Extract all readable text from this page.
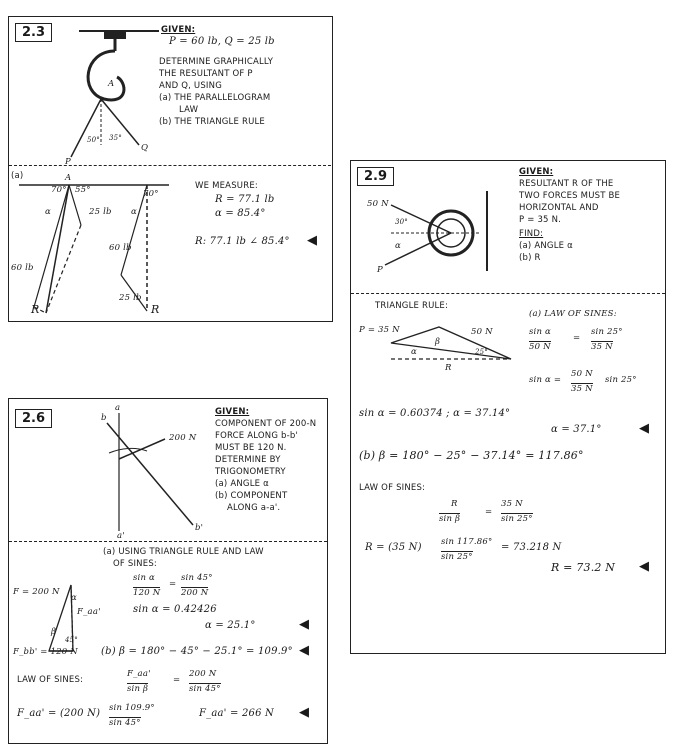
2.3	GIVEN:
P = 60 lb, Q = 25 lb
DETERMINE GRAPHICALLY
THE RESULTANT OF P
AND Q, USING
(a) THE PARALLELOGRAM
LAW
(b) THE TRIANGLE RULE
A
50° 35°
P
Q
(a)	A
70° 55°
α	25 lb
60 lb
R
70°
α
60 lb
25 lb
R
WE MEASURE:
R = 77.1 lb
α = 85.4°
R: 77.1 lb ∠ 85.4° ◀
2.6	b
a
200 N
b'
a'
GIVEN:
COMPONENT OF 200-N
FORCE ALONG b-b'
MUST BE 120 N.
DETERMINE BY
TRIGONOMETRY
(a) ANGLE α
(b) COMPONENT
ALONG a-a'.
(a) USING TRIANGLE RULE AND LAW
OF SINES:
sin α
120 N
=
sin 45°
200 N
sin α = 0.42426
α = 25.1°	◀
F = 200 N
α
F_aa'
β
45°
F_bb' = 120 N (b) β = 180° − 45° − 25.1° = 109.9° ◀
LAW OF SINES:
F_aa'
sin β
=
200 N
sin 45°
F_aa' = (200 N) sin 109.9°
sin 45°
F_aa' = 266 N ◀
2.9
50 N
30°
α
P
GIVEN:
RESULTANT R OF THE
TWO FORCES MUST BE
HORIZONTAL AND
P = 35 N.
FIND:
(a) ANGLE α
(b) R
TRIANGLE RULE:
P = 35 N	50 N
β
α	25°
R
(a) LAW OF SINES:
sin α
50 N
=
sin 25°
35 N
sin α =
50 N
35 N
sin 25°
sin α = 0.60374 ; α = 37.14°
α = 37.1°	◀
(b) β = 180° − 25° − 37.14° = 117.86°
LAW OF SINES:
R
sin β
=
35 N
sin 25°
R = (35 N) sin 117.86°
sin 25°
= 73.218 N
R = 73.2 N ◀
